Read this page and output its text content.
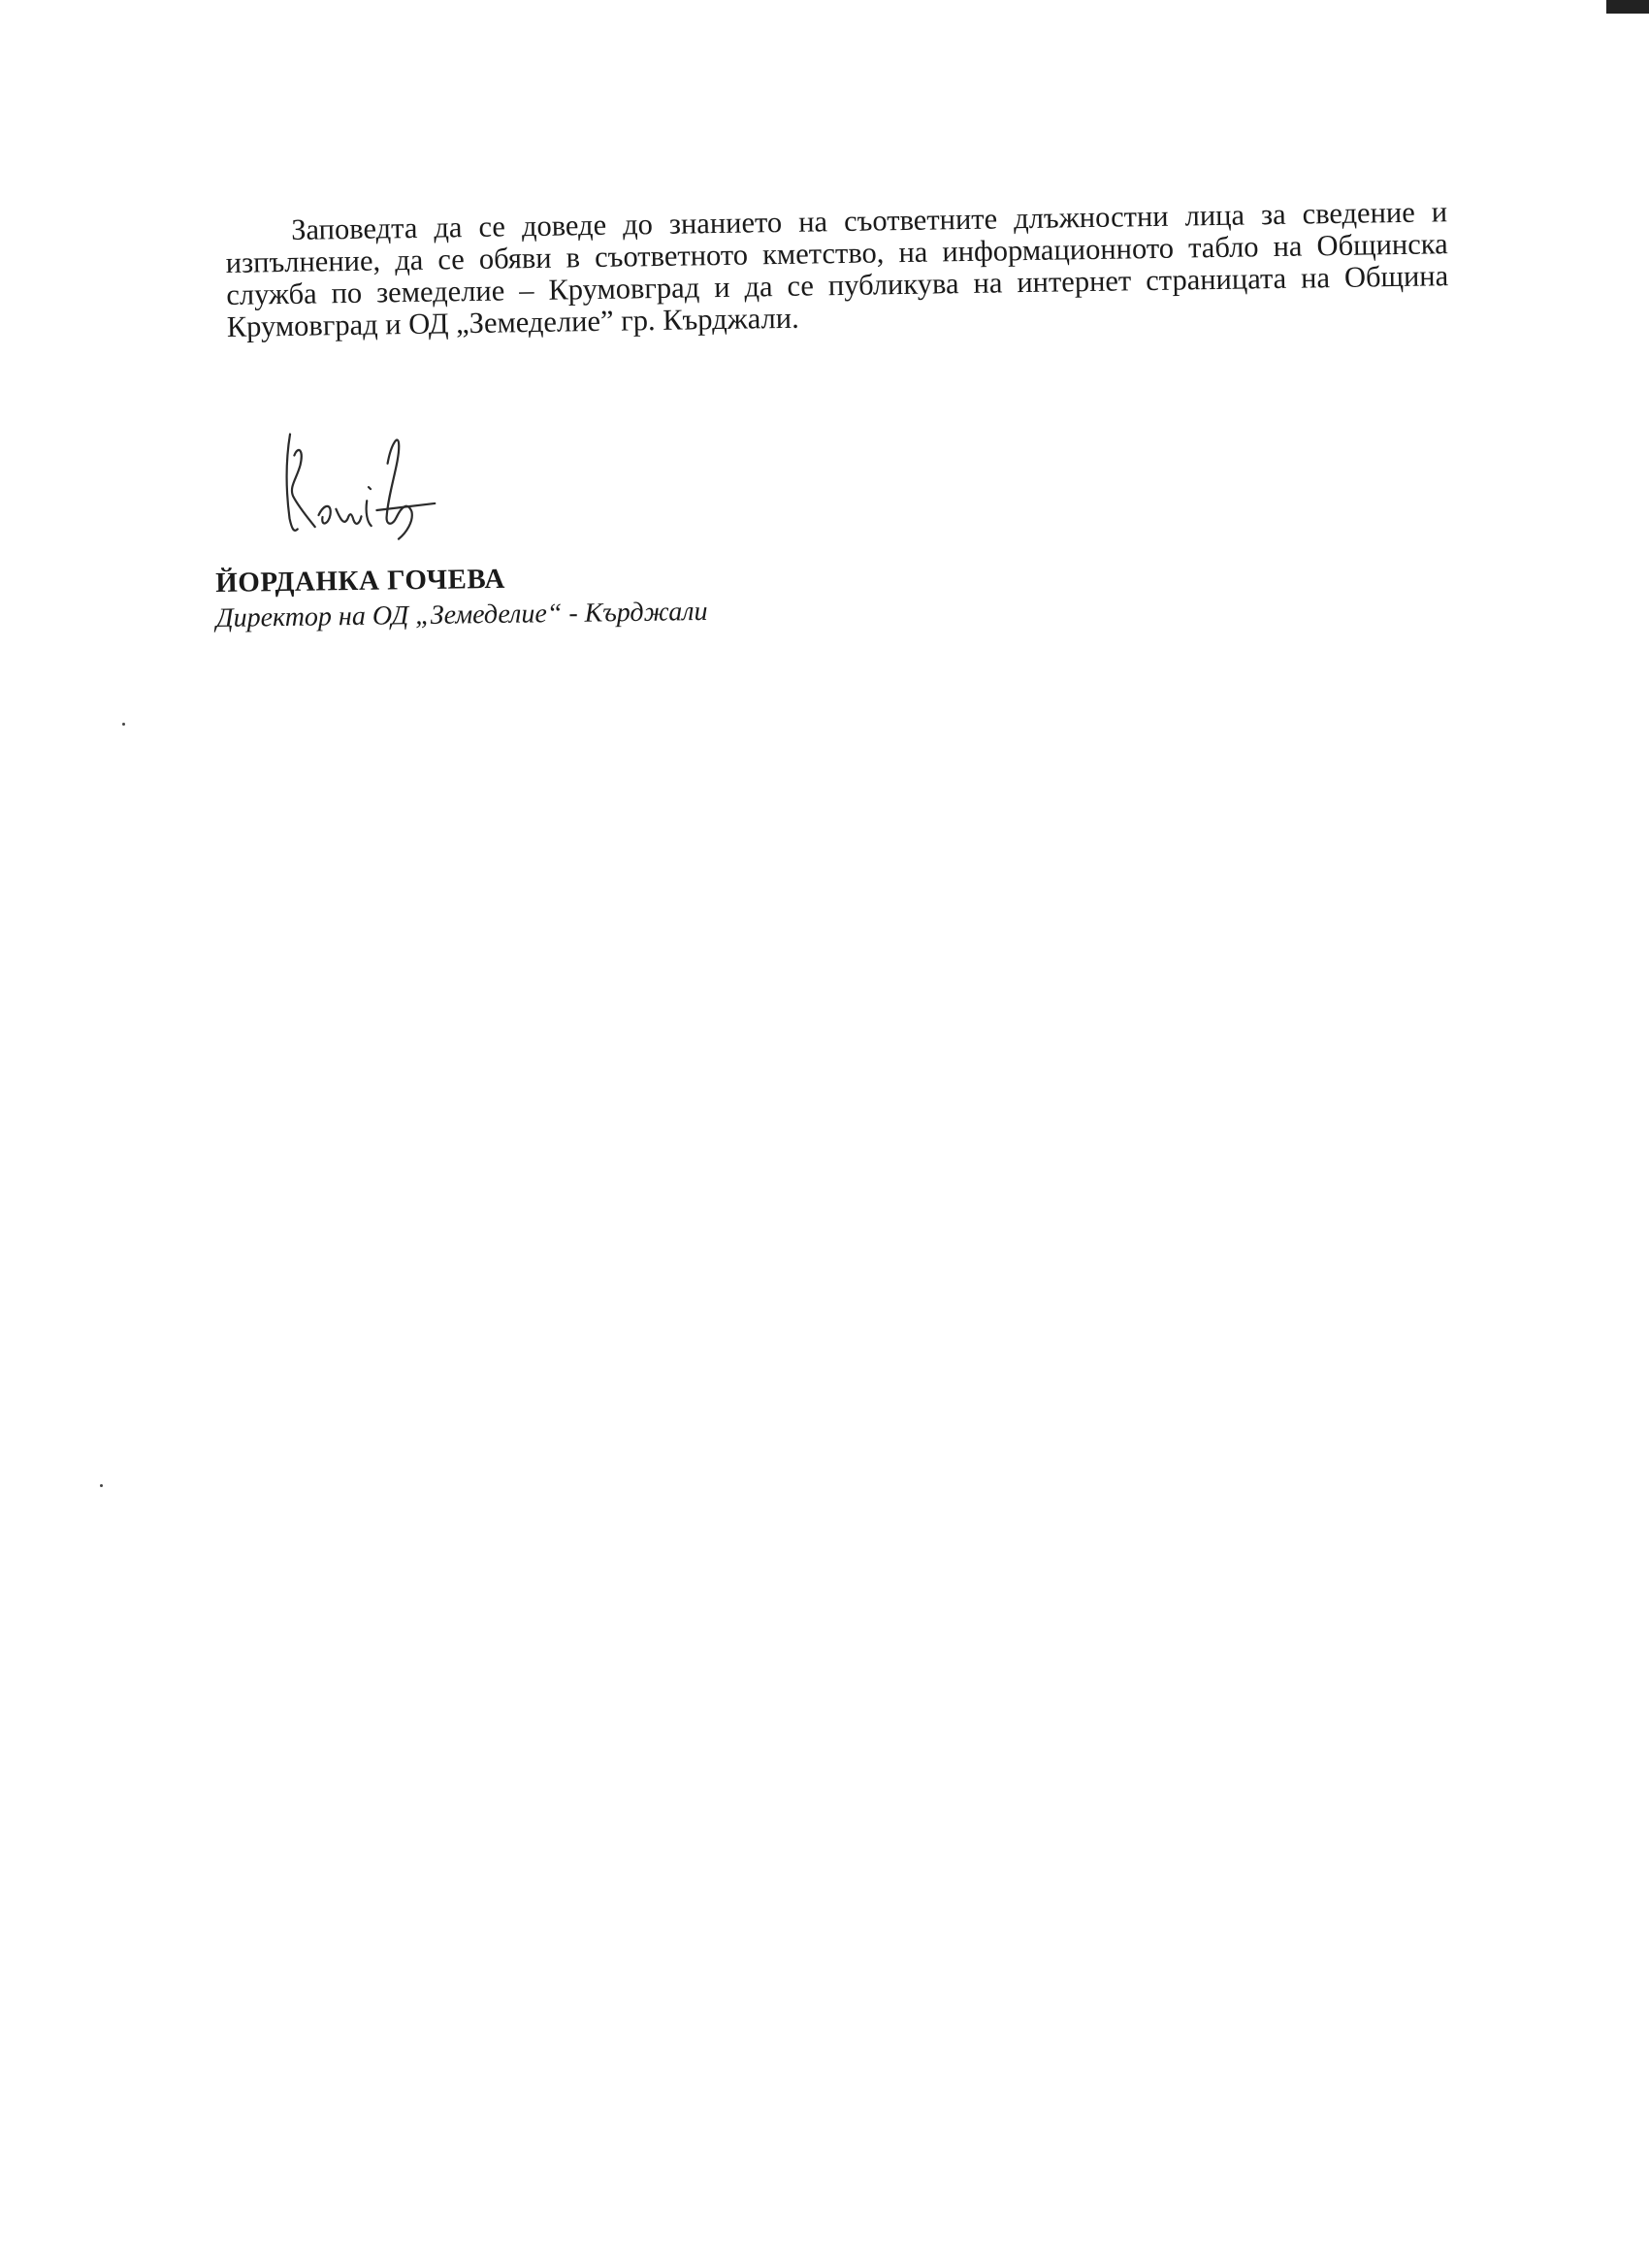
Заповедта да се доведе до знанието на съответните длъжностни лица за сведение и изпълнение, да се обяви в съответното кметство, на информационното табло на Общинска служба по земеделие – Крумовград и да се публикува на интернет страницата на Община Крумовград и ОД „Земеделие” гр. Кърджали.

ЙОРДАНКА ГОЧЕВА
Директор на ОД „Земеделие“ - Кърджали
